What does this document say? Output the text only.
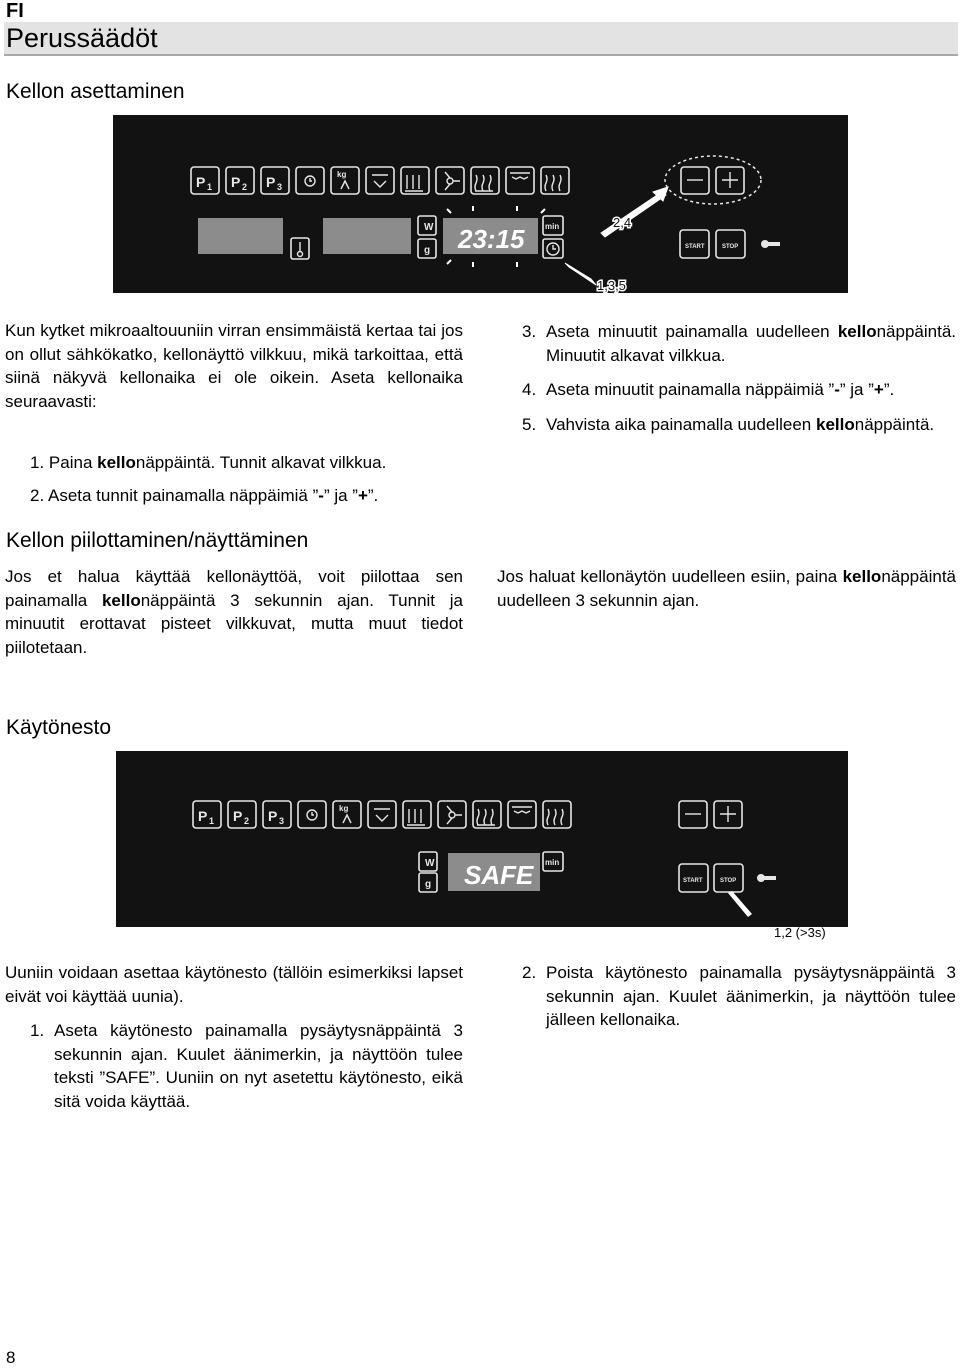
FI
Perussäädöt
Kellon asettaminen
P 1 P 2 P 3
kg
W
g
min
START	STOP
23:15
2,4
1,3,5
Kun kytket mikroaaltouuniin virran ensimmäistä kertaa tai jos on ollut sähkökatko, kellonäyttö vilkkuu, mikä tarkoittaa, että siinä näkyvä kellonaika ei ole oikein. Aseta kellonaika seuraavasti:
1. Paina kellonäppäintä. Tunnit alkavat vilkkua.
2. Aseta tunnit painamalla näppäimiä ”-” ja ”+”.
3. Aseta minuutit painamalla uudelleen kellonäppäintä. Minuutit alkavat vilkkua.
4. Aseta minuutit painamalla näppäimiä ”-” ja ”+”.
5. Vahvista aika painamalla uudelleen kellonäppäintä.
Kellon piilottaminen/näyttäminen
Jos et halua käyttää kellonäyttöä, voit piilottaa sen painamalla kellonäppäintä 3 sekunnin ajan. Tunnit ja minuutit erottavat pisteet vilkkuvat, mutta muut tiedot piilotetaan.
Jos haluat kellonäytön uudelleen esiin, paina kellonäppäintä uudelleen 3 sekunnin ajan.
Käytönesto
P 1 P 2 P 3
kg
W
g
min
START	STOP
SAFE
1,2 (>3s)
Uuniin voidaan asettaa käytönesto (tällöin esimerkiksi lapset eivät voi käyttää uunia).
1. Aseta käytönesto painamalla pysäytysnäppäintä 3 sekunnin ajan. Kuulet äänimerkin, ja näyttöön tulee teksti ”SAFE”. Uuniin on nyt asetettu käytönesto, eikä sitä voida käyttää.
2. Poista käytönesto painamalla pysäytysnäppäintä 3 sekunnin ajan. Kuulet äänimerkin, ja näyttöön tulee jälleen kellonaika.
8
